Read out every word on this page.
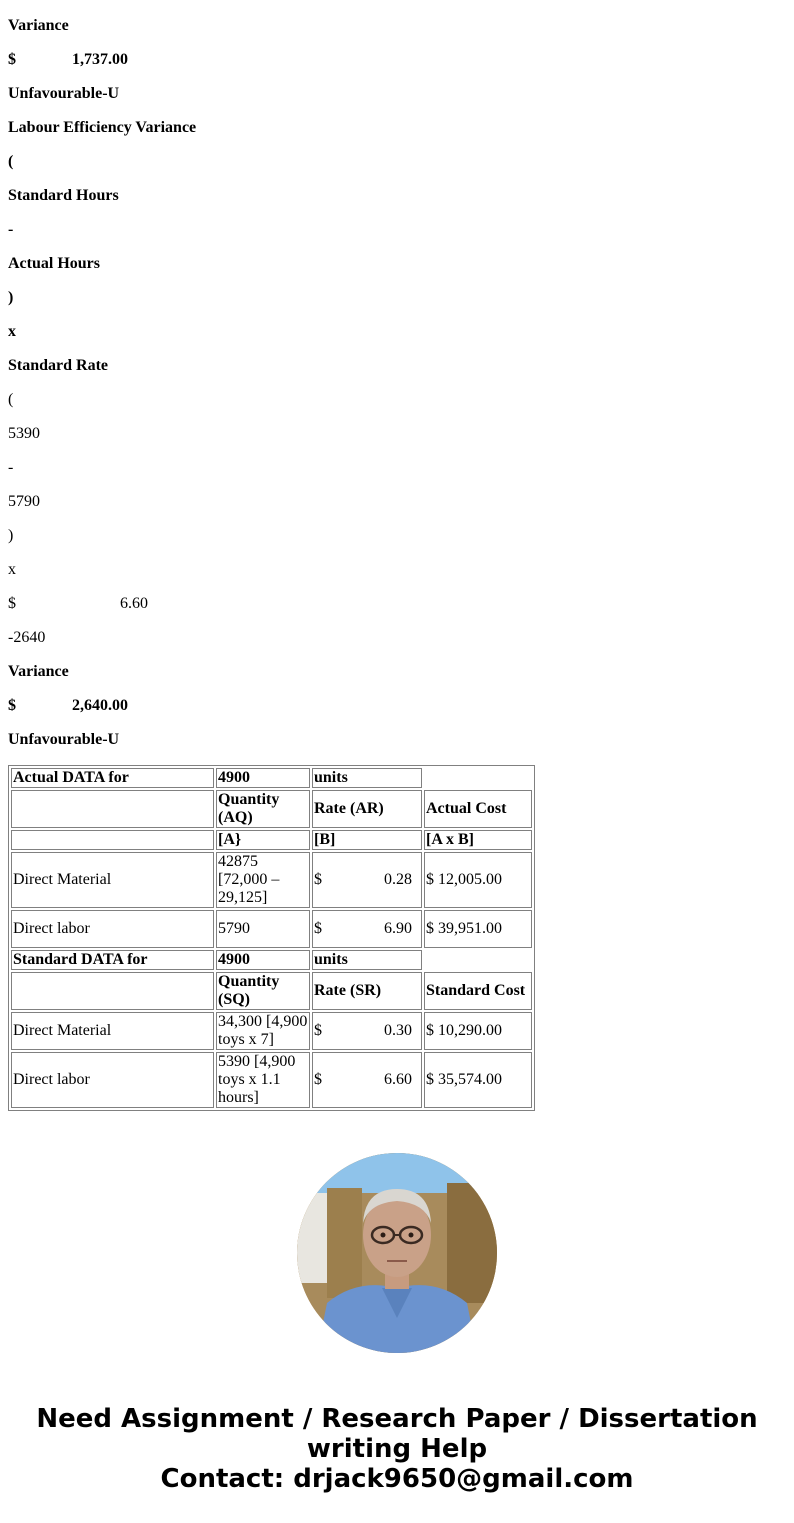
Variance

$	1,737.00

Unfavourable-U

Labour Efficiency Variance

(

Standard Hours

-

Actual Hours

)

x

Standard Rate

(

5390

-

5790

)

x

$	6.60

-2640

Variance

$	2,640.00

Unfavourable-U

Actual DATA for	4900	units	
	Quantity (AQ)	Rate (AR)	Actual Cost
	[A}	[B]	[A x B]
Direct Material	42875 [72,000 – 29,125]	$ 0.28	$ 12,005.00
Direct labor	5790	$ 6.90	$ 39,951.00
Standard DATA for	4900	units	
	Quantity (SQ)	Rate (SR)	Standard Cost
Direct Material	34,300 [4,900 toys x 7]	$ 0.30	$ 10,290.00
Direct labor	5390 [4,900 toys x 1.1 hours]	$ 6.60	$ 35,574.00
Need Assignment / Research Paper / Dissertation writing Help
Contact: drjack9650@gmail.com
